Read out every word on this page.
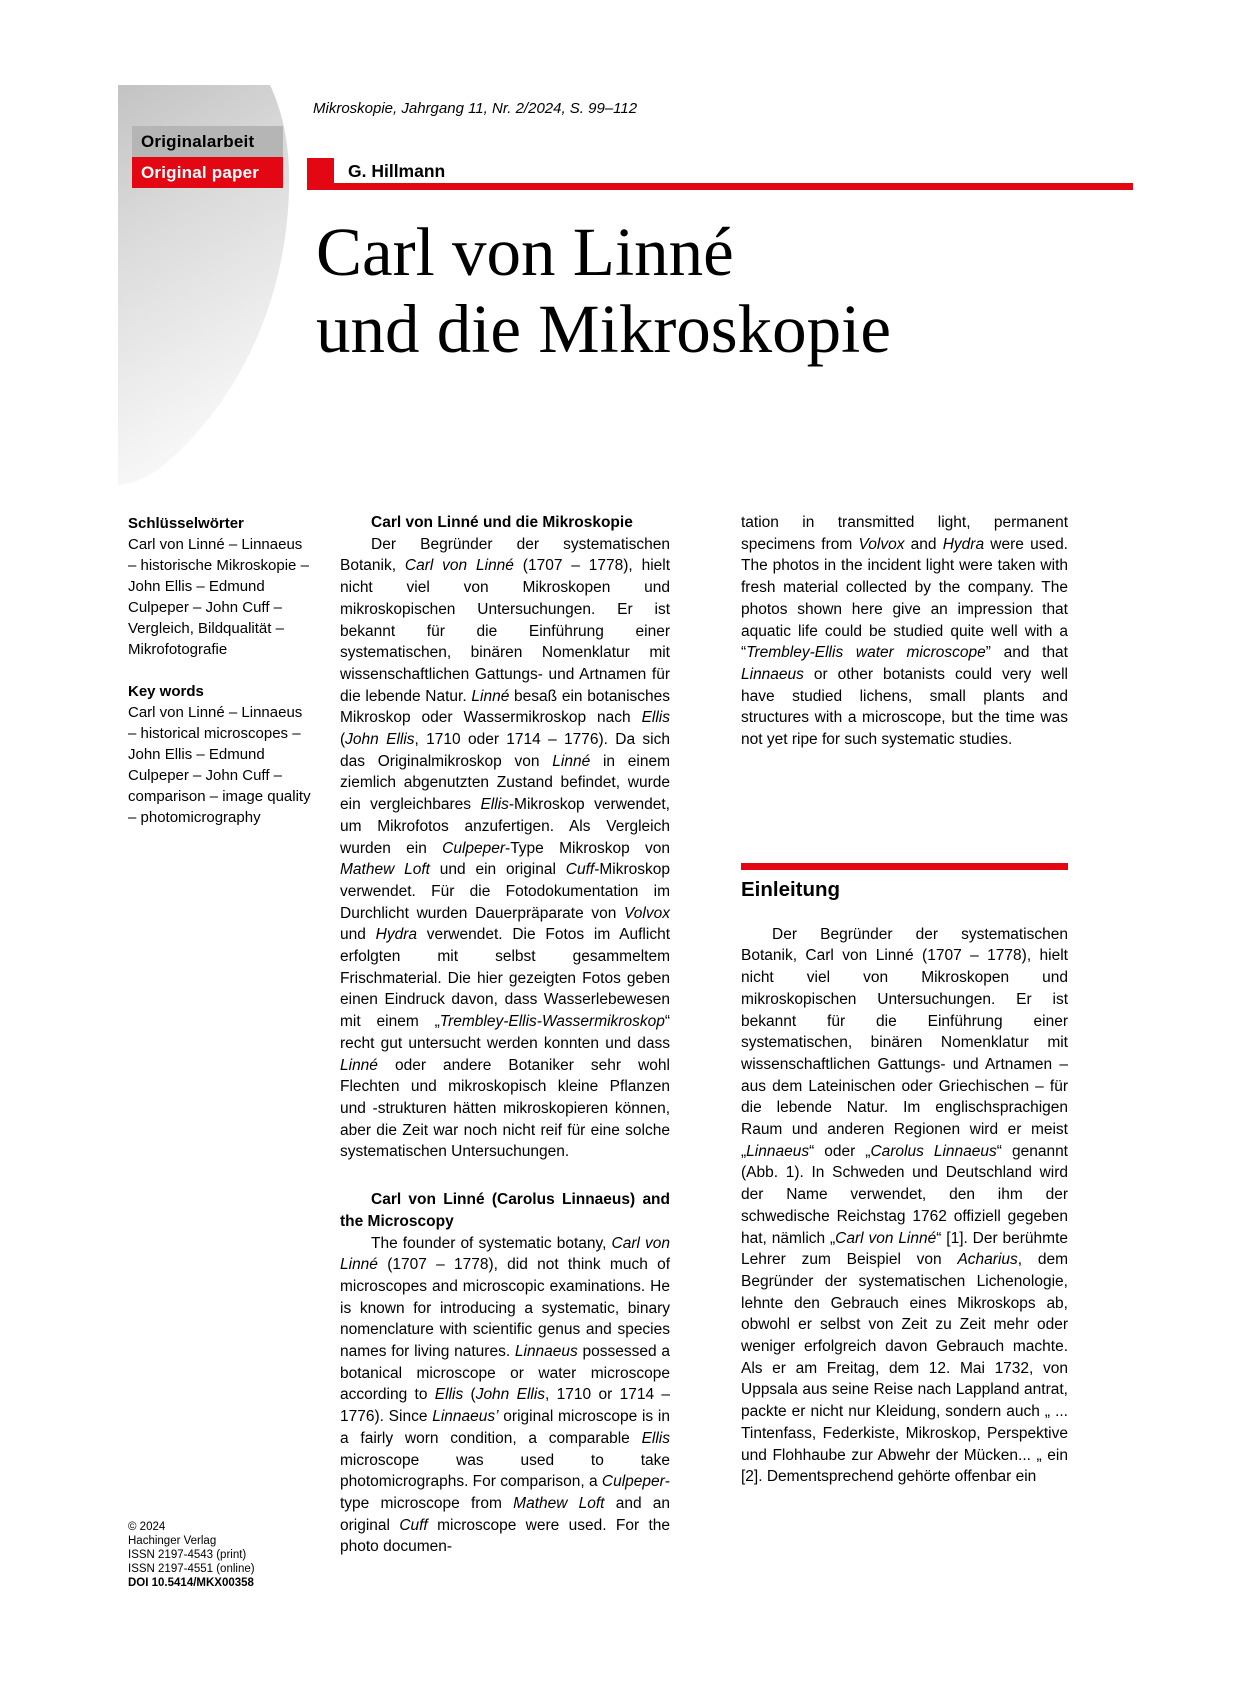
Originalarbeit
Original paper
Mikroskopie, Jahrgang 11, Nr. 2/2024, S. 99–112
G. Hillmann
Carl von Linné
und die Mikroskopie
Schlüsselwörter
Carl von Linné – Linnaeus – historische Mikroskopie – John Ellis – Edmund Culpeper – John Cuff – Vergleich, Bildqualität – Mikrofotografie
Key words
Carl von Linné – Linnaeus – historical microscopes – John Ellis – Edmund Culpeper – John Cuff – comparison – image quality – photomicrography
© 2024
Hachinger Verlag
ISSN 2197-4543 (print)
ISSN 2197-4551 (online)
DOI 10.5414/MKX00358

Carl von Linné und die Mikroskopie

Der Begründer der systematischen Botanik, Carl von Linné (1707 – 1778), hielt nicht viel von Mikroskopen und mikroskopischen Untersuchungen. Er ist bekannt für die Einführung einer systematischen, binären Nomenklatur mit wissenschaftlichen Gattungs- und Artnamen für die lebende Natur. Linné besaß ein botanisches Mikroskop oder Wassermikroskop nach Ellis (John Ellis, 1710 oder 1714 – 1776). Da sich das Originalmikroskop von Linné in einem ziemlich abgenutzten Zustand befindet, wurde ein vergleichbares Ellis-Mikroskop verwendet, um Mikrofotos anzufertigen. Als Vergleich wurden ein Culpeper-Type Mikroskop von Mathew Loft und ein original Cuff-Mikroskop verwendet. Für die Fotodokumentation im Durchlicht wurden Dauerpräparate von Volvox und Hydra verwendet. Die Fotos im Auflicht erfolgten mit selbst gesammeltem Frischmaterial. Die hier gezeigten Fotos geben einen Eindruck davon, dass Wasserlebewesen mit einem „Trembley-Ellis-Wassermikroskop“ recht gut untersucht werden konnten und dass Linné oder andere Botaniker sehr wohl Flechten und mikroskopisch kleine Pflanzen und -strukturen hätten mikroskopieren können, aber die Zeit war noch nicht reif für eine solche systematischen Untersuchungen.

Carl von Linné (Carolus Linnaeus) and the Microscopy

The founder of systematic botany, Carl von Linné (1707 – 1778), did not think much of microscopes and microscopic examinations. He is known for introducing a systematic, binary nomenclature with scientific genus and species names for living natures. Linnaeus possessed a botanical microscope or water microscope according to Ellis (John Ellis, 1710 or 1714 – 1776). Since Linnaeus’ original microscope is in a fairly worn condition, a comparable Ellis microscope was used to take photomicrographs. For comparison, a Culpeper-type microscope from Mathew Loft and an original Cuff microscope were used. For the photo documen-

tation in transmitted light, permanent specimens from Volvox and Hydra were used. The photos in the incident light were taken with fresh material collected by the company. The photos shown here give an impression that aquatic life could be studied quite well with a “Trembley-Ellis water microscope” and that Linnaeus or other botanists could very well have studied lichens, small plants and structures with a microscope, but the time was not yet ripe for such systematic studies.

Einleitung

Der Begründer der systematischen Botanik, Carl von Linné (1707 – 1778), hielt nicht viel von Mikroskopen und mikroskopischen Untersuchungen. Er ist bekannt für die Einführung einer systematischen, binären Nomenklatur mit wissenschaftlichen Gattungs- und Artnamen – aus dem Lateinischen oder Griechischen – für die lebende Natur. Im englischsprachigen Raum und anderen Regionen wird er meist „Linnaeus“ oder „Carolus Linnaeus“ genannt (Abb. 1). In Schweden und Deutschland wird der Name verwendet, den ihm der schwedische Reichstag 1762 offiziell gegeben hat, nämlich „Carl von Linné“ [1]. Der berühmte Lehrer zum Beispiel von Acharius, dem Begründer der systematischen Lichenologie, lehnte den Gebrauch eines Mikroskops ab, obwohl er selbst von Zeit zu Zeit mehr oder weniger erfolgreich davon Gebrauch machte. Als er am Freitag, dem 12. Mai 1732, von Uppsala aus seine Reise nach Lappland antrat, packte er nicht nur Kleidung, sondern auch „ ... Tintenfass, Federkiste, Mikroskop, Perspektive und Flohhaube zur Abwehr der Mücken... „ ein [2]. Dementsprechend gehörte offenbar ein
